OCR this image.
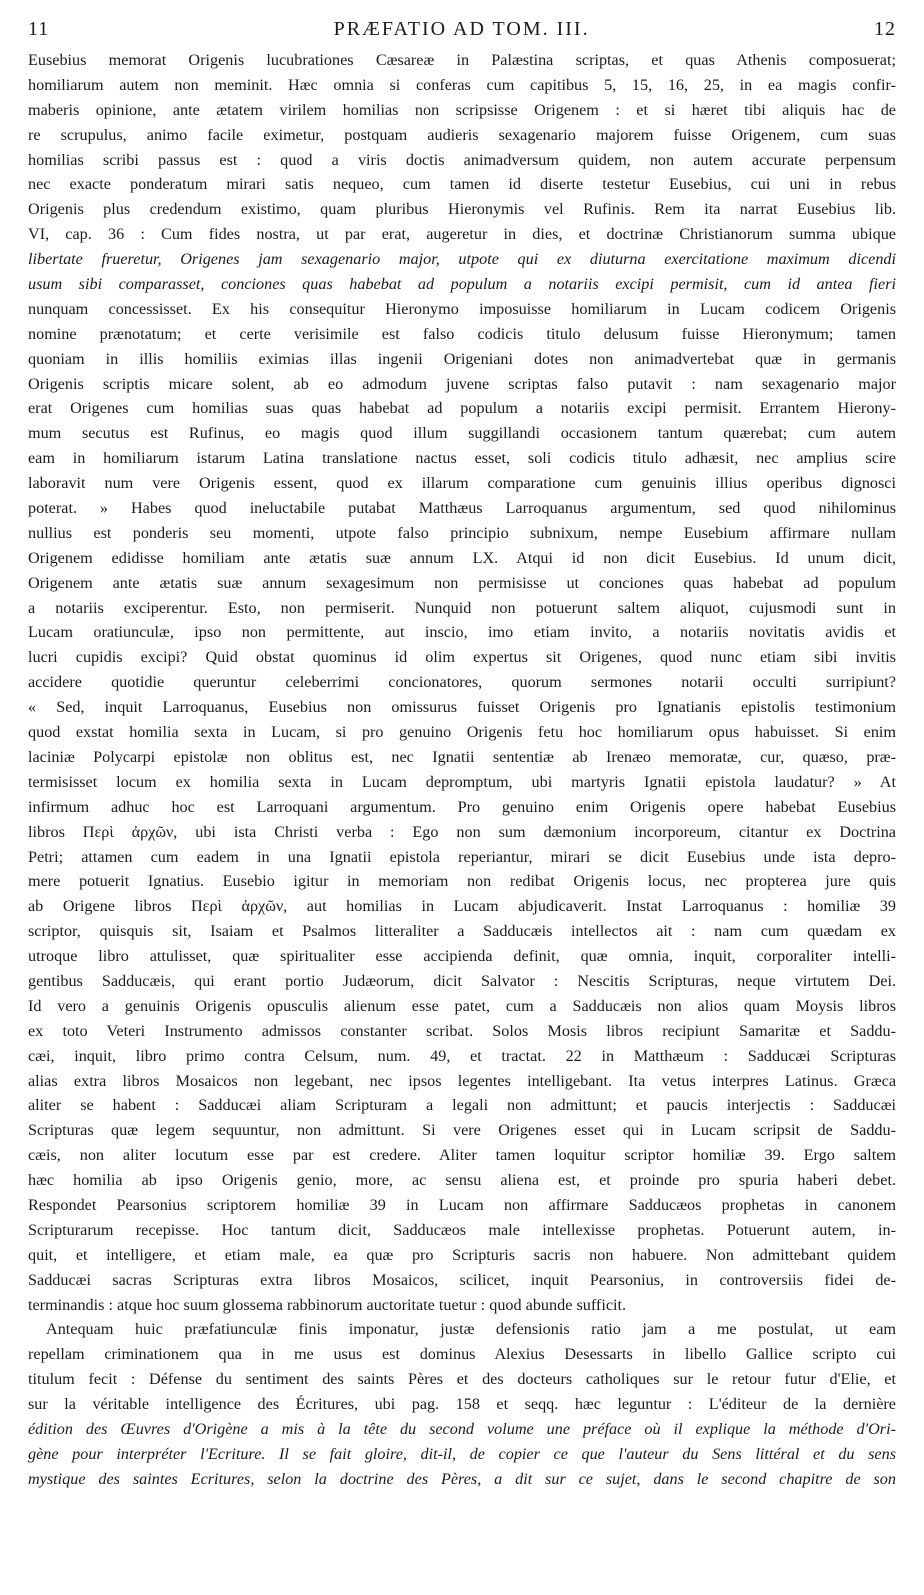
11	PRÆFATIO AD TOM. III.	12
Eusebius memorat Origenis lucubrationes Cæsareæ in Palæstina scriptas, et quas Athenis composuerat;
homiliarum autem non meminit. Hæc omnia si conferas cum capitibus 5, 15, 16, 25, in ea magis confir-
maberis opinione, ante ætatem virilem homilias non scripsisse Origenem : et si hæret tibi aliquis hac de
re scrupulus, animo facile eximetur, postquam audieris sexagenario majorem fuisse Origenem, cum suas
homilias scribi passus est : quod a viris doctis animadversum quidem, non autem accurate perpensum
nec exacte ponderatum mirari satis nequeo, cum tamen id diserte testetur Eusebius, cui uni in rebus
Origenis plus credendum existimo, quam pluribus Hieronymis vel Rufinis. Rem ita narrat Eusebius lib.
VI, cap. 36 : Cum fides nostra, ut par erat, augeretur in dies, et doctrinæ Christianorum summa ubique
libertate frueretur, Origenes jam sexagenario major, utpote qui ex diuturna exercitatione maximum dicendi
usum sibi comparasset, conciones quas habebat ad populum a notariis excipi permisit, cum id antea fieri
nunquam concessisset. Ex his consequitur Hieronymo imposuisse homiliarum in Lucam codicem Origenis
nomine prænotatum; et certe verisimile est falso codicis titulo delusum fuisse Hieronymum; tamen
quoniam in illis homiliis eximias illas ingenii Origeniani dotes non animadvertebat quæ in germanis
Origenis scriptis micare solent, ab eo admodum juvene scriptas falso putavit : nam sexagenario major
erat Origenes cum homilias suas quas habebat ad populum a notariis excipi permisit. Errantem Hierony-
mum secutus est Rufinus, eo magis quod illum suggillandi occasionem tantum quærebat; cum autem
eam in homiliarum istarum Latina translatione nactus esset, soli codicis titulo adhæsit, nec amplius scire
laboravit num vere Origenis essent, quod ex illarum comparatione cum genuinis illius operibus dignosci
poterat. » Habes quod ineluctabile putabat Matthæus Larroquanus argumentum, sed quod nihilominus
nullius est ponderis seu momenti, utpote falso principio subnixum, nempe Eusebium affirmare nullam
Origenem edidisse homiliam ante ætatis suæ annum LX. Atqui id non dicit Eusebius. Id unum dicit,
Origenem ante ætatis suæ annum sexagesimum non permisisse ut conciones quas habebat ad populum
a notariis exciperentur. Esto, non permiserit. Nunquid non potuerunt saltem aliquot, cujusmodi sunt in
Lucam oratiunculæ, ipso non permittente, aut inscio, imo etiam invito, a notariis novitatis avidis et
lucri cupidis excipi? Quid obstat quominus id olim expertus sit Origenes, quod nunc etiam sibi invitis
accidere quotidie queruntur celeberrimi concionatores, quorum sermones notarii occulti surripiunt?
« Sed, inquit Larroquanus, Eusebius non omissurus fuisset Origenis pro Ignatianis epistolis testimonium
quod exstat homilia sexta in Lucam, si pro genuino Origenis fetu hoc homiliarum opus habuisset. Si enim
laciniæ Polycarpi epistolæ non oblitus est, nec Ignatii sententiæ ab Irenæo memoratæ, cur, quæso, præ-
termisisset locum ex homilia sexta in Lucam depromptum, ubi martyris Ignatii epistola laudatur? » At
infirmum adhuc hoc est Larroquani argumentum. Pro genuino enim Origenis opere habebat Eusebius
libros Περὶ ἀρχῶν, ubi ista Christi verba : Ego non sum dæmonium incorporeum, citantur ex Doctrina
Petri; attamen cum eadem in una Ignatii epistola reperiantur, mirari se dicit Eusebius unde ista depro-
mere potuerit Ignatius. Eusebio igitur in memoriam non redibat Origenis locus, nec propterea jure quis
ab Origene libros Περὶ ἀρχῶν, aut homilias in Lucam abjudicaverit. Instat Larroquanus : homiliæ 39
scriptor, quisquis sit, Isaiam et Psalmos litteraliter a Sadducæis intellectos ait : nam cum quædam ex
utroque libro attulisset, quæ spiritualiter esse accipienda definit, quæ omnia, inquit, corporaliter intelli-
gentibus Sadducæis, qui erant portio Judæorum, dicit Salvator : Nescitis Scripturas, neque virtutem Dei.
Id vero a genuinis Origenis opusculis alienum esse patet, cum a Sadducæis non alios quam Moysis libros
ex toto Veteri Instrumento admissos constanter scribat. Solos Mosis libros recipiunt Samaritæ et Saddu-
cæi, inquit, libro primo contra Celsum, num. 49, et tractat. 22 in Matthæum : Sadducæi Scripturas
alias extra libros Mosaicos non legebant, nec ipsos legentes intelligebant. Ita vetus interpres Latinus. Græca
aliter se habent : Sadducæi aliam Scripturam a legali non admittunt; et paucis interjectis : Sadducæi
Scripturas quæ legem sequuntur, non admittunt. Si vere Origenes esset qui in Lucam scripsit de Saddu-
cæis, non aliter locutum esse par est credere. Aliter tamen loquitur scriptor homiliæ 39. Ergo saltem
hæc homilia ab ipso Origenis genio, more, ac sensu aliena est, et proinde pro spuria haberi debet.
Respondet Pearsonius scriptorem homiliæ 39 in Lucam non affirmare Sadducæos prophetas in canonem
Scripturarum recepisse. Hoc tantum dicit, Sadducæos male intellexisse prophetas. Potuerunt autem, in-
quit, et intelligere, et etiam male, ea quæ pro Scripturis sacris non habuere. Non admittebant quidem
Sadducæi sacras Scripturas extra libros Mosaicos, scilicet, inquit Pearsonius, in controversiis fidei de-
terminandis : atque hoc suum glossema rabbinorum auctoritate tuetur : quod abunde sufficit.
Antequam huic præfatiunculæ finis imponatur, justæ defensionis ratio jam a me postulat, ut eam
repellam criminationem qua in me usus est dominus Alexius Desessarts in libello Gallice scripto cui
titulum fecit : Défense du sentiment des saints Pères et des docteurs catholiques sur le retour futur d'Elie, et
sur la véritable intelligence des Écritures, ubi pag. 158 et seqq. hæc leguntur : L'éditeur de la dernière
édition des Œuvres d'Origène a mis à la tête du second volume une préface où il explique la méthode d'Ori-
gène pour interpréter l'Ecriture. Il se fait gloire, dit-il, de copier ce que l'auteur du Sens littéral et du sens
mystique des saintes Ecritures, selon la doctrine des Pères, a dit sur ce sujet, dans le second chapitre de son
